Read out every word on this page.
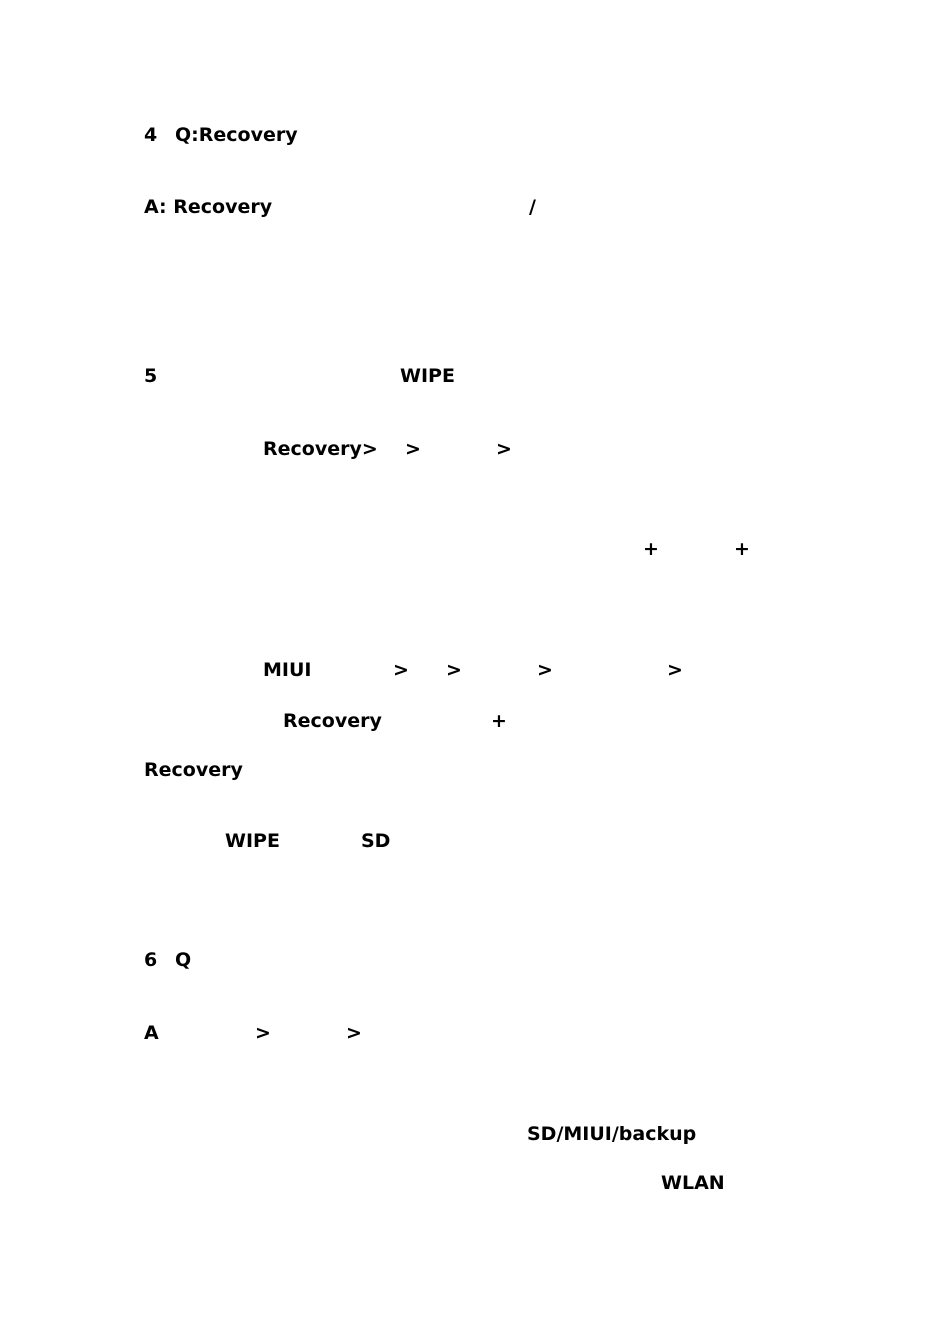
4 Q:Recovery
A: Recovery	/
5	WIPE
Recovery> >	>
+	+
MIUI	> >	>	>
Recovery	+
Recovery
WIPE	SD
6 Q
A	>	>
SD/MIUI/backup
WLAN
